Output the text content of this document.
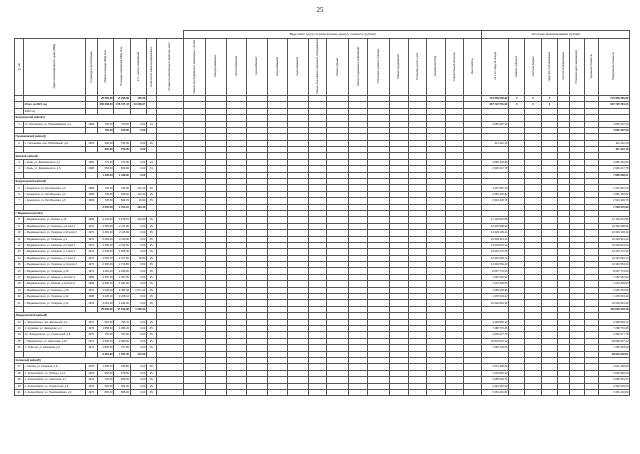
25
								Виды работ (услуг) по капитальному ремонту, стоимость (рублей)															Источники финансирования (рублей)							
№ п/п	Адрес многоквартирного дома (МКД)	Год ввода в эксплуатацию	Общая площадь МКД, кв.м	Площадь помещений МКД, кв.м	в т.ч. жилых помещений	Количество зарегистрированных	Стоимость капитального ремонта, всего	Ремонт внутридомовых инженерных систем	электроснабжения	теплоснабжения	газоснабжения	водоснабжения	водоотведения	Ремонт или замена лифтового оборудования	Ремонт крыши	Ремонт подвальных помещений	Утепление и ремонт фасада	Ремонт фундамента	Установка узлов учета	Разработка ПСД	Строительный контроль	Иные работы	За счет средств фонда	бюджет субъекта	местный бюджет	средства собственников	Способ формирования	Плановая дата завершения	Удельная стоимость	Предельная стоимость
			22 582,98	17 295,86	135,56																		712 860 606,82	0	0	0				712 860 606,82
	Итого за 2021 год		206 368,83	158 737,43	13 338,37																		637 723 781,00	0	0	0				637 723 781,00
	2022 год																													
Беломорский район(1)																														
1	пгт. Беломорск, ул. Первомайская, д.4	1969	781,00	720,00	0,00	24-																	4 055 497,30							4 055 497,30
			781,00	720,00	0,00																									4 055 497,30
Горшановский район(1)																														
2	п. Горшанова, пер. Юбилейный, д.8	1970	992,90	752,90	0,00	26-																	311 312,10							311 312,10
			992,90	752,90	0,00																									311 312,10
Кемский район(2)																														
3	г. Кемь, ул. Дзержинского, д.7	1965	773,90	747,50	0,00	24-																	4 882 440,80							4 882 440,80
4	г. Кемь, ул. Дзержинского, д.5	1968	654,40	603,90	0,00	24-																	2 936 217,78							2 936 217,78
			1 428,03	1 348,90	0,00																									7 882 658,01
Кондопожский район(3)																														
5	г. Кондопога, ул. Октябрьская, д.2	1968	702,30	475,00	212,10	25-																	1 437 867,40							1 437 867,40
6	г. Кондопога, ул. Октябрьская, д.3	1968	728,60	528,20	112,40	25-																	2 956 402,82							2 956 402,82
7	г. Кондопога, ул. Октябрьская, д.5	1969	728,60	669,70	26,90	25-																	2 914 329,76							2 914 329,76
			2 205,50	1 704,10	484,40																									7 302 670,99
г. Медвежьегорск(14)																														
8	г. Медвежьегорск, ул. Кирова, д.16	1969	4 103,40	3 478,70	164,60	25-																	17 140 667,86							17 140 667,86
9	г. Медвежьегорск, ул. Гагарина, д.9 корп.1	1971	2 283,90	2 117,90	0,00	25-																	13 340 598,96							13 340 598,96
10	г. Медвежьегорск, ул. Гагарина, д.19 корп.2	1972	2 281,40	2 115,00	0,00	25-																	13 329 136,44							13 329 136,44
11	г. Медвежьегорск, ул. Гагарина, д.3	1972	2 283,40	2 113,90	0,00	25-																	13 329 921,24							13 329 921,24
12	г. Медвежьегорск, ул. Гагарина, д.5 корп.1	1972	2 288,40	2 114,50	0,00	25-																	13 329 921,24							13 329 921,24
13	г. Медвежьегорск, ул. Гагарина, д.7 корп.1	1972	2 339,00	2 065,00	0,00	25-																	13 250 172,36							13 250 172,36
14	г. Медвежьегорск, ул. Гагарина, д.7 корп.2	1972	2 554,70	2 707,90	25,80	25-																	13 310 684,72							13 310 684,72
15	г. Медвежьегорск, ул. Гагарина, д.13 корп.2	1972	2 382,00	2 716,50	0,00	25-																	13 340 554,43							13 340 554,43
16	г. Медвежьегорск, ул. Гагарина, д.15	1974	3 364,20	2 296,00	0,00	25-																	8 657 774,53							8 657 774,53
17	г. Медвежьегорск, ул. Ленина, д.24 корп.1	1968	4 387,30	4 367,50	0,00	25-																	1 252 062,94							1 252 062,94
18	г. Медвежьегорск, ул. Ленина, д.24 корп.2	1968	4 396,20	4 394,00	0,00	25-																	1 224 209,60							1 224 209,60
19	г. Медвежьегорск, ул. Гагарина, д.18	1972	4 028,10	4 396,38	1 071,14	25-																	1 695 445,95							1 695 445,95
20	г. Медвежьегорск, ул. Гагарина, д.12	1968	3 236,10	3 208,10	0,00	25-																	1 478 631,42							1 478 631,42
21	г. Медвежьегорск, ул. Гагарина, д.14	1978	3 261,30	4 244,00	0,00	25-																	10 026 891,96							10 026 891,96
			25 000,95	47 013,08	1 095,34																									153 693 278,48
Лахденпохский район(6)																														
22	г. Лахденпохья, пер. Школьный, д.4	1974	851,30	795,70	0,00	25-																	3 409 894,14							3 409 894,14
23	п. Куркиёки, ул. Заводская, д.1	1976	1 858,10	1 083,20	0,00	25-																	7 288 770,45							7 288 770,45
24	пгт. Лахденпохья, ул. Строителей, д.8	1975	752,50	764,60	0,00	25-																	3 336 977,76							3 336 977,76
25	г. Лахденпохья, ул. Школьная, д.10	1971	4 665,40	3 999,90	0,00	25-																	18 849 937,12							18 849 937,12
26	п. Хийтола, ул. Мышкова, д.5	1971	1 850,50	757,90	0,00	25-																	7 282 133,09							7 282 133,09
			9 981,80	7 237,30	113,20																									39 912 622,61
Сегежский район(5)																														
27	г. Сегежа, ул. Гагарина, д.9	1975	1 008,70	918,80	0,00	25-																	4 621 458,66							4 621 458,66
28	п. Зеленоборск, ул. Победы, д.14	1976	952,50	875,50	0,00	25-																	4 603 560,20							4 603 560,20
29	п. Зеленоборск, ул. Советская, д.7	1973	752,00	509,20	0,00	25-																	3 665 554,71							3 665 554,71
30	п. Зеленоборск, ул. Строителей, д.8	1973	993,40	924,60	0,00	25-																	3 442 515,00							3 442 515,00
31	п. Зеленоборск, ул. Первомайская, д.3	1973	884,00	808,20	0,00	25-																	3 451 416,83							3 451 416,83
